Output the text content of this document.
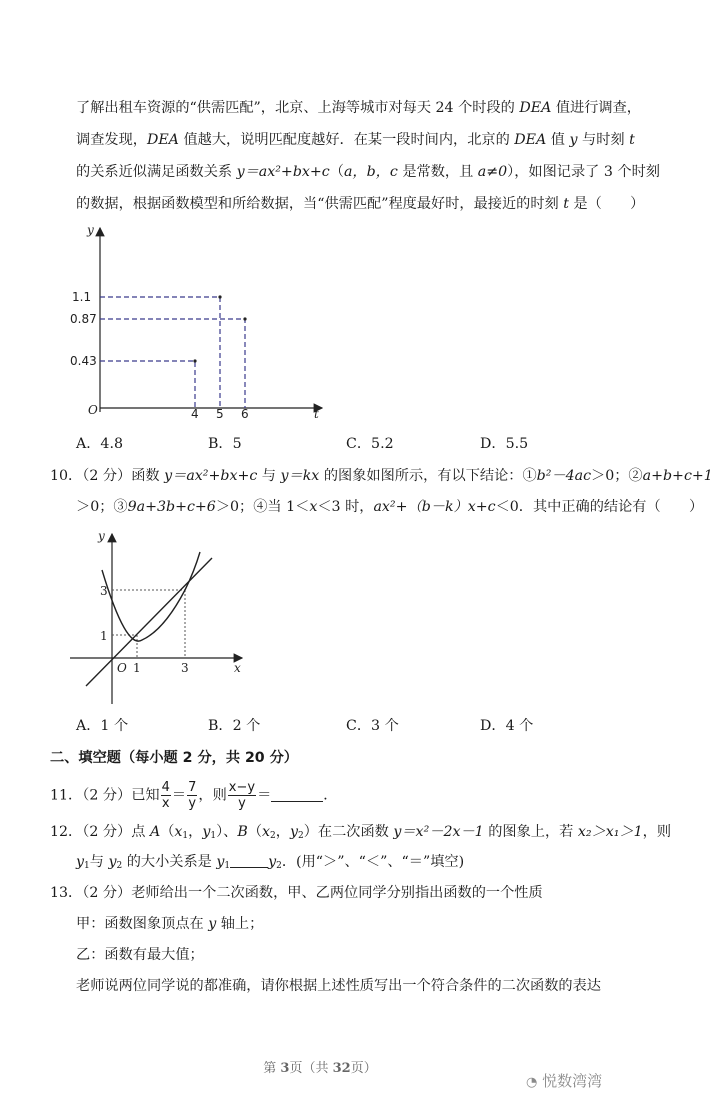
了解出租车资源的“供需匹配”，北京、上海等城市对每天 24 个时段的 DEA 值进行调查，
调查发现，DEA 值越大，说明匹配度越好．在某一段时间内，北京的 DEA 值 y 与时刻 t
的关系近似满足函数关系 y＝ax²+bx+c（a，b，c 是常数，且 a≠0），如图记录了 3 个时刻
的数据，根据函数模型和所给数据，当“供需匹配”程度最好时，最接近的时刻 t 是（　　）
y
t
O
1.1
0.87
0.43
4 5 6
A．4.8	B．5	C．5.2	D．5.5
10．（2 分）函数 y＝ax²+bx+c 与 y＝kx 的图象如图所示，有以下结论：①b²－4ac＞0；②a+b+c+1
＞0；③9a+3b+c+6＞0；④当 1＜x＜3 时，ax²+（b－k）x+c＜0．其中正确的结论有（　　）
y
x
O
3
1
1	3
A．1 个	B．2 个	C．3 个	D．4 个
二、填空题（每小题 2 分，共 20 分）
11．（2 分）已知 $\frac{4}{x} = \frac{7}{y}$ ，则 $\frac{x-y}{y}$ ＝	．
12．（2 分）点 $A(x_1$，$y_1$）、$B(x_2$，$y_2$）在二次函数 y＝x²－2x－1 的图象上，若 x₂＞x₁＞1，则
$y_1$与 $y_2$ 的大小关系是 $y_1$	$y_2$．(用“＞”、“＜”、“＝”填空)
13．（2 分）老师给出一个二次函数，甲、乙两位同学分别指出函数的一个性质
甲：函数图象顶点在 y 轴上；
乙：函数有最大值；
老师说两位同学说的都准确，请你根据上述性质写出一个符合条件的二次函数的表达
第 3页（共 32页）
◔ 悦数湾湾
